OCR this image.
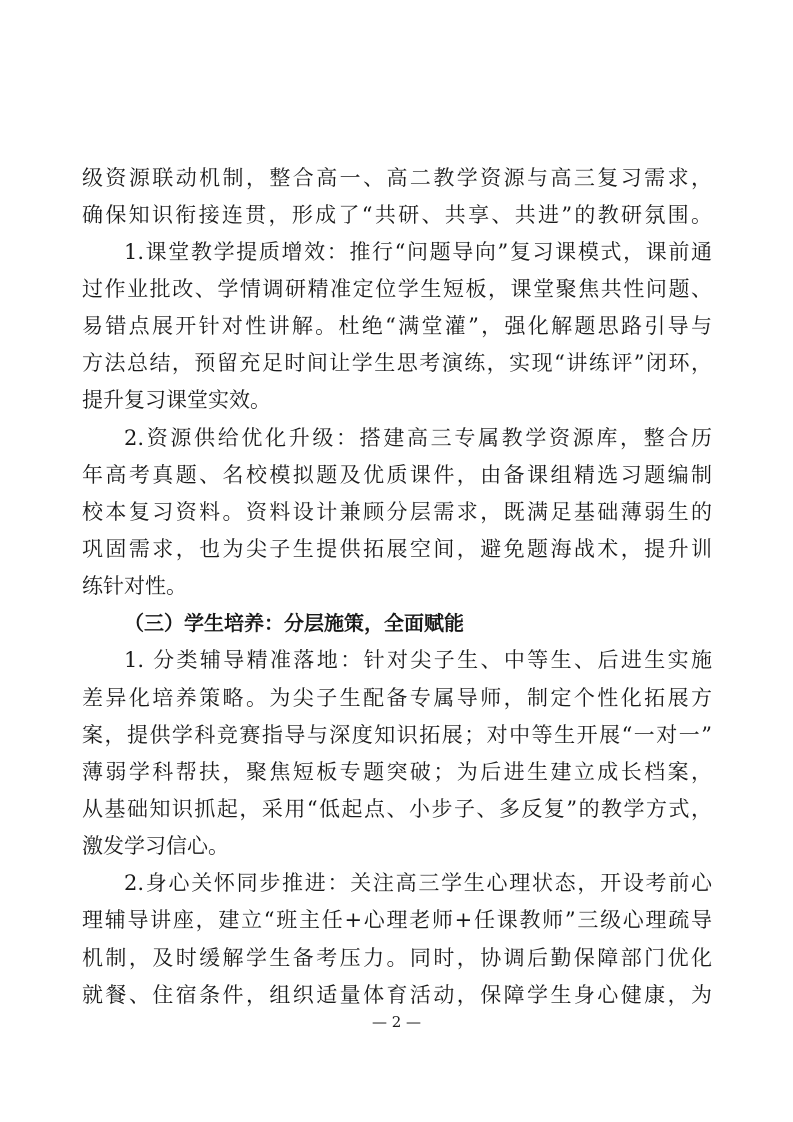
级资源联动机制，整合高一、高二教学资源与高三复习需求，
确保知识衔接连贯，形成了“共研、共享、共进”的教研氛围。
1.课堂教学提质增效：推行“问题导向”复习课模式，课前通
过作业批改、学情调研精准定位学生短板，课堂聚焦共性问题、
易错点展开针对性讲解。杜绝“满堂灌”，强化解题思路引导与
方法总结，预留充足时间让学生思考演练，实现“讲练评”闭环，
提升复习课堂实效。
2.资源供给优化升级：搭建高三专属教学资源库，整合历
年高考真题、名校模拟题及优质课件，由备课组精选习题编制
校本复习资料。资料设计兼顾分层需求，既满足基础薄弱生的
巩固需求，也为尖子生提供拓展空间，避免题海战术，提升训
练针对性。
（三）学生培养：分层施策，全面赋能
1. 分类辅导精准落地：针对尖子生、中等生、后进生实施
差异化培养策略。为尖子生配备专属导师，制定个性化拓展方
案，提供学科竞赛指导与深度知识拓展；对中等生开展“一对一”
薄弱学科帮扶，聚焦短板专题突破；为后进生建立成长档案，
从基础知识抓起，采用“低起点、小步子、多反复”的教学方式，
激发学习信心。
2.身心关怀同步推进：关注高三学生心理状态，开设考前心
理辅导讲座，建立“班主任+心理老师+任课教师”三级心理疏导
机制，及时缓解学生备考压力。同时，协调后勤保障部门优化
就餐、住宿条件，组织适量体育活动，保障学生身心健康，为
— 2 —
